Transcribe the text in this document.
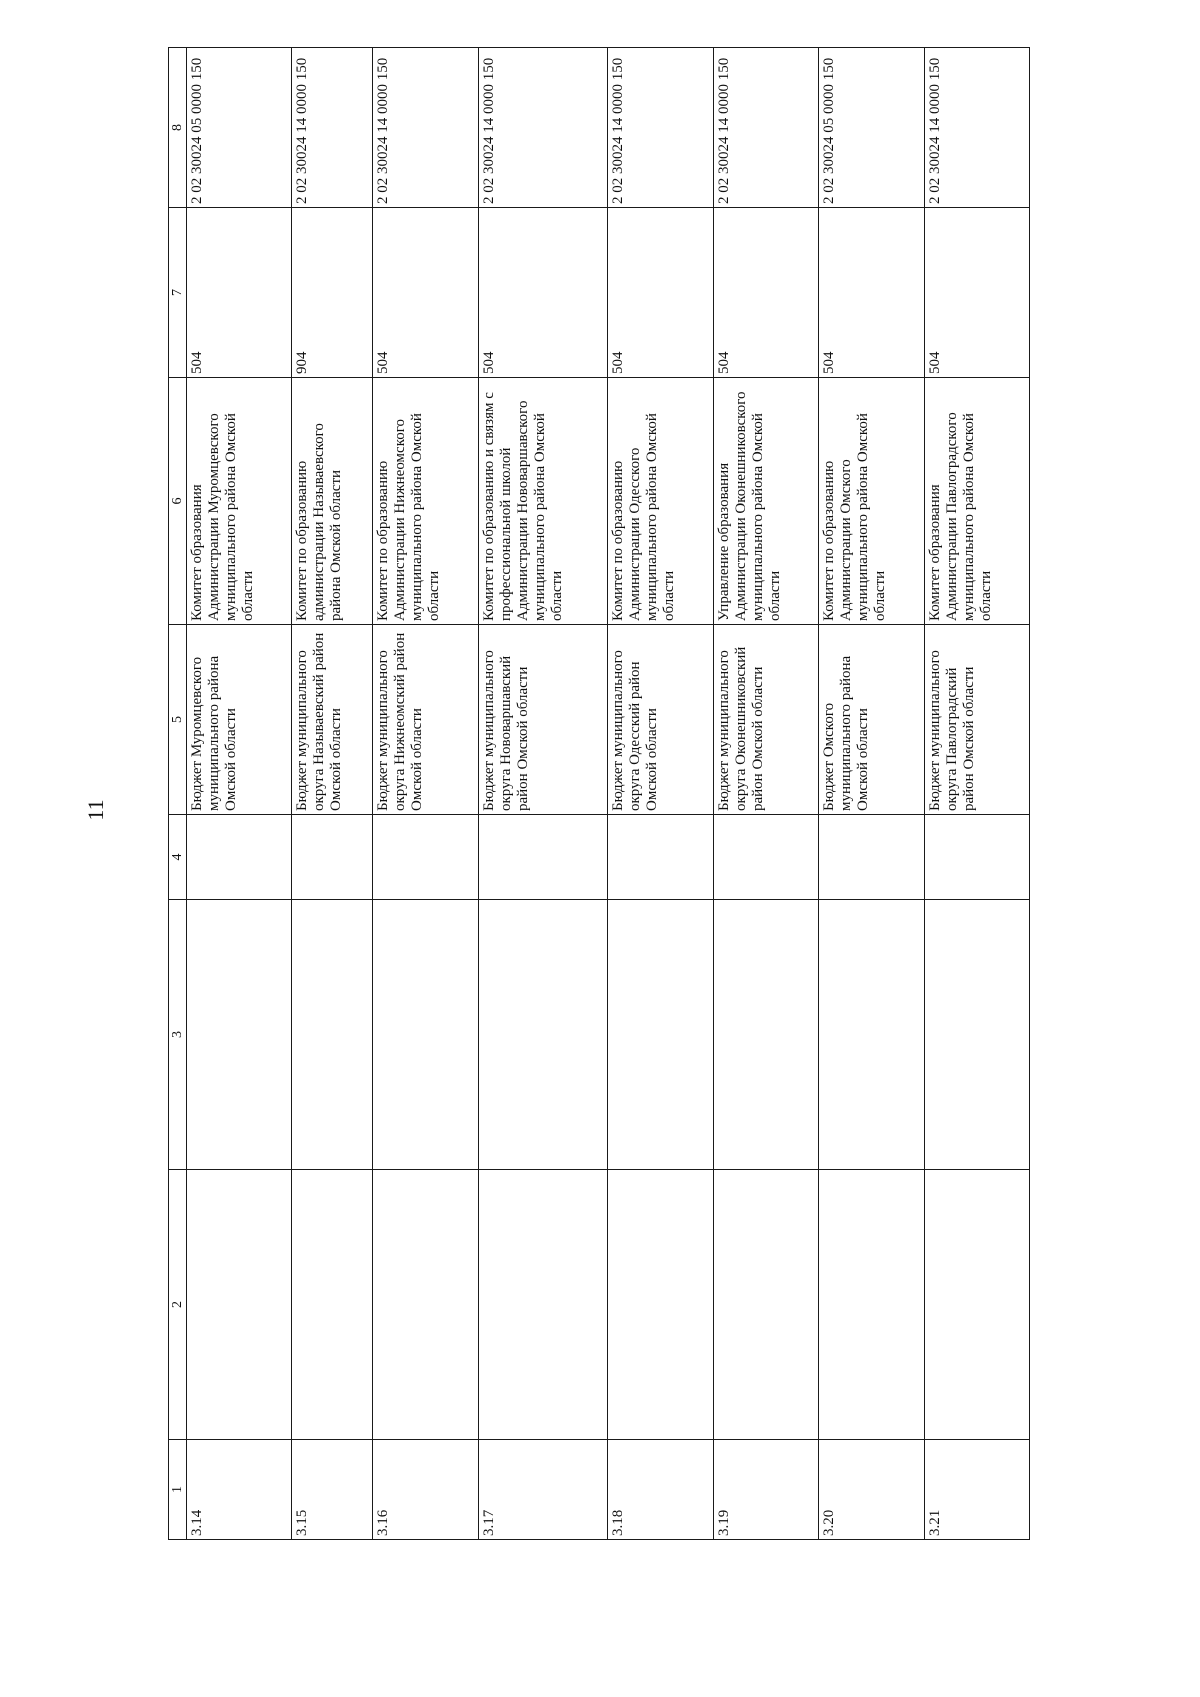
11
1	2	3	4	5	6	7	8
3.14				Бюджет Муромцевского муниципального района Омской области	Комитет образования Администрации Муромцевского муниципального района Омской области	504	2 02 30024 05 0000 150
3.15				Бюджет муниципального округа Называевский район Омской области	Комитет по образованию администрации Называевского района Омской области	904	2 02 30024 14 0000 150
3.16				Бюджет муниципального округа Нижнеомский район Омской области	Комитет по образованию Администрации Нижнеомского муниципального района Омской области	504	2 02 30024 14 0000 150
3.17				Бюджет муниципального округа Нововаршавский район Омской области	Комитет по образованию и связям с профессиональной школой Администрации Нововаршавского муниципального района Омской области	504	2 02 30024 14 0000 150
3.18				Бюджет муниципального округа Одесский район Омской области	Комитет по образованию Администрации Одесского муниципального района Омской области	504	2 02 30024 14 0000 150
3.19				Бюджет муниципального округа Оконешниковский район Омской области	Управление образования Администрации Оконешниковского муниципального района Омской области	504	2 02 30024 14 0000 150
3.20				Бюджет Омского муниципального района Омской области	Комитет по образованию Администрации Омского муниципального района Омской области	504	2 02 30024 05 0000 150
3.21				Бюджет муниципального округа Павлоградский район Омской области	Комитет образования Администрации Павлоградского муниципального района Омской области	504	2 02 30024 14 0000 150
